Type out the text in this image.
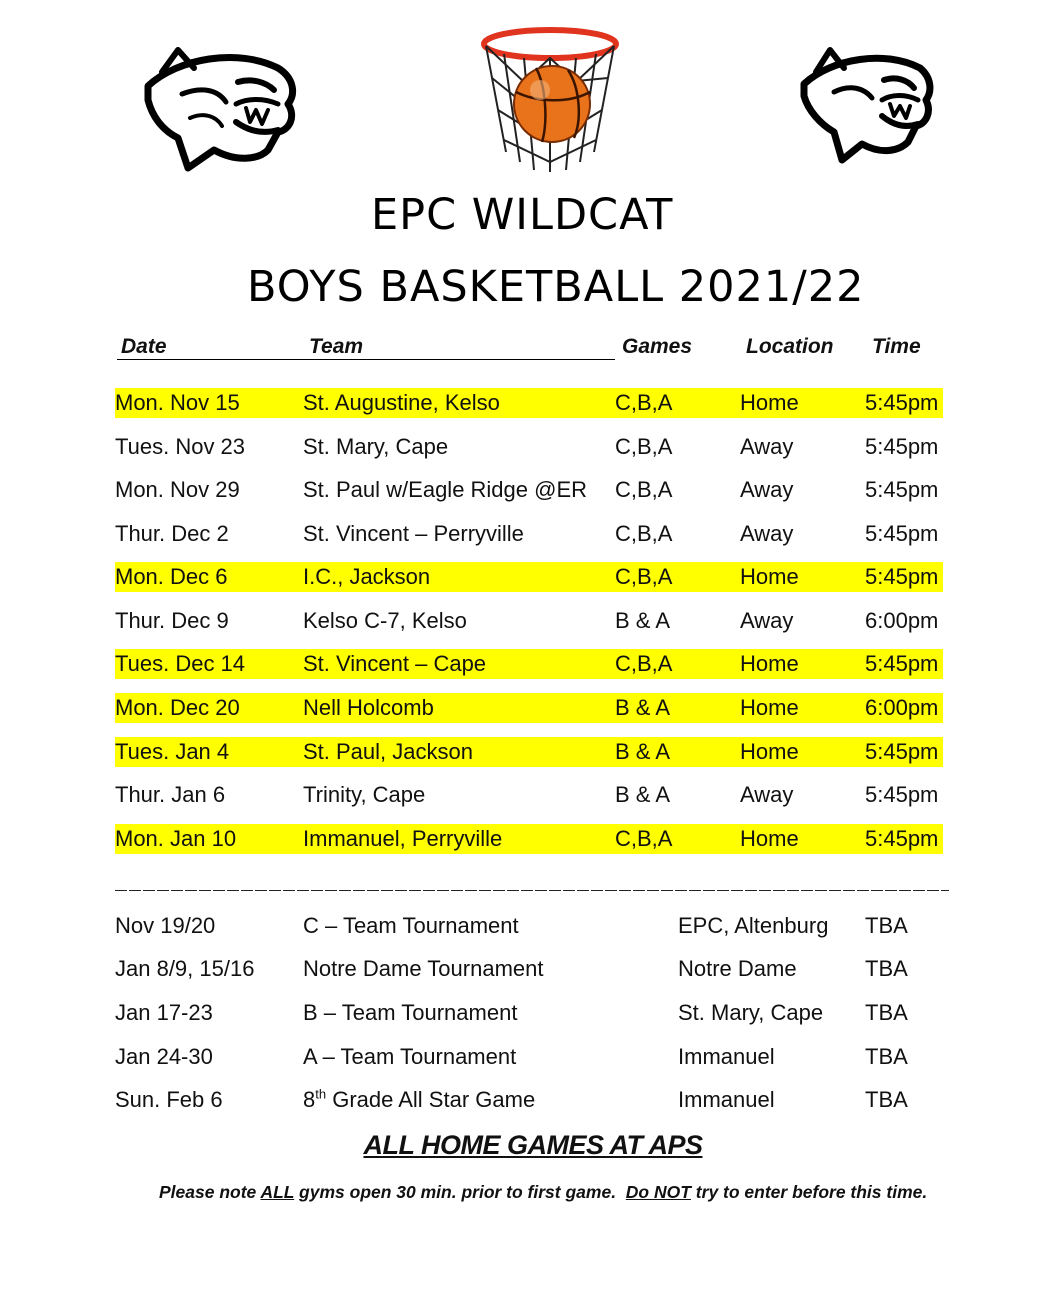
EPC WILDCAT
BOYS BASKETBALL 2021/22
Date	Team	Games	Location Time
Mon. Nov 15	St. Augustine, Kelso	C,B,A	Home	5:45pm
Tues. Nov 23	St. Mary, Cape	C,B,A	Away	5:45pm
Mon. Nov 29	St. Paul w/Eagle Ridge @ER C,B,A	Away	5:45pm
Thur. Dec 2	St. Vincent – Perryville	C,B,A	Away	5:45pm
Mon. Dec 6	I.C., Jackson	C,B,A	Home	5:45pm
Thur. Dec 9	Kelso C-7, Kelso	B & A	Away	6:00pm
Tues. Dec 14	St. Vincent – Cape	C,B,A	Home	5:45pm
Mon. Dec 20	Nell Holcomb	B & A	Home	6:00pm
Tues. Jan 4	St. Paul, Jackson	B & A	Home	5:45pm
Thur. Jan 6	Trinity, Cape	B & A	Away	5:45pm
Mon. Jan 10	Immanuel, Perryville	C,B,A	Home	5:45pm
Nov 19/20	C – Team Tournament	EPC, Altenburg TBA
Jan 8/9, 15/16 Notre Dame Tournament	Notre Dame	TBA
Jan 17-23	B – Team Tournament	St. Mary, Cape TBA
Jan 24-30	A – Team Tournament	Immanuel	TBA
Sun. Feb 6	8th Grade All Star Game	Immanuel	TBA
ALL HOME GAMES AT APS
Please note ALL gyms open 30 min. prior to first game.  Do NOT try to enter before this time.
